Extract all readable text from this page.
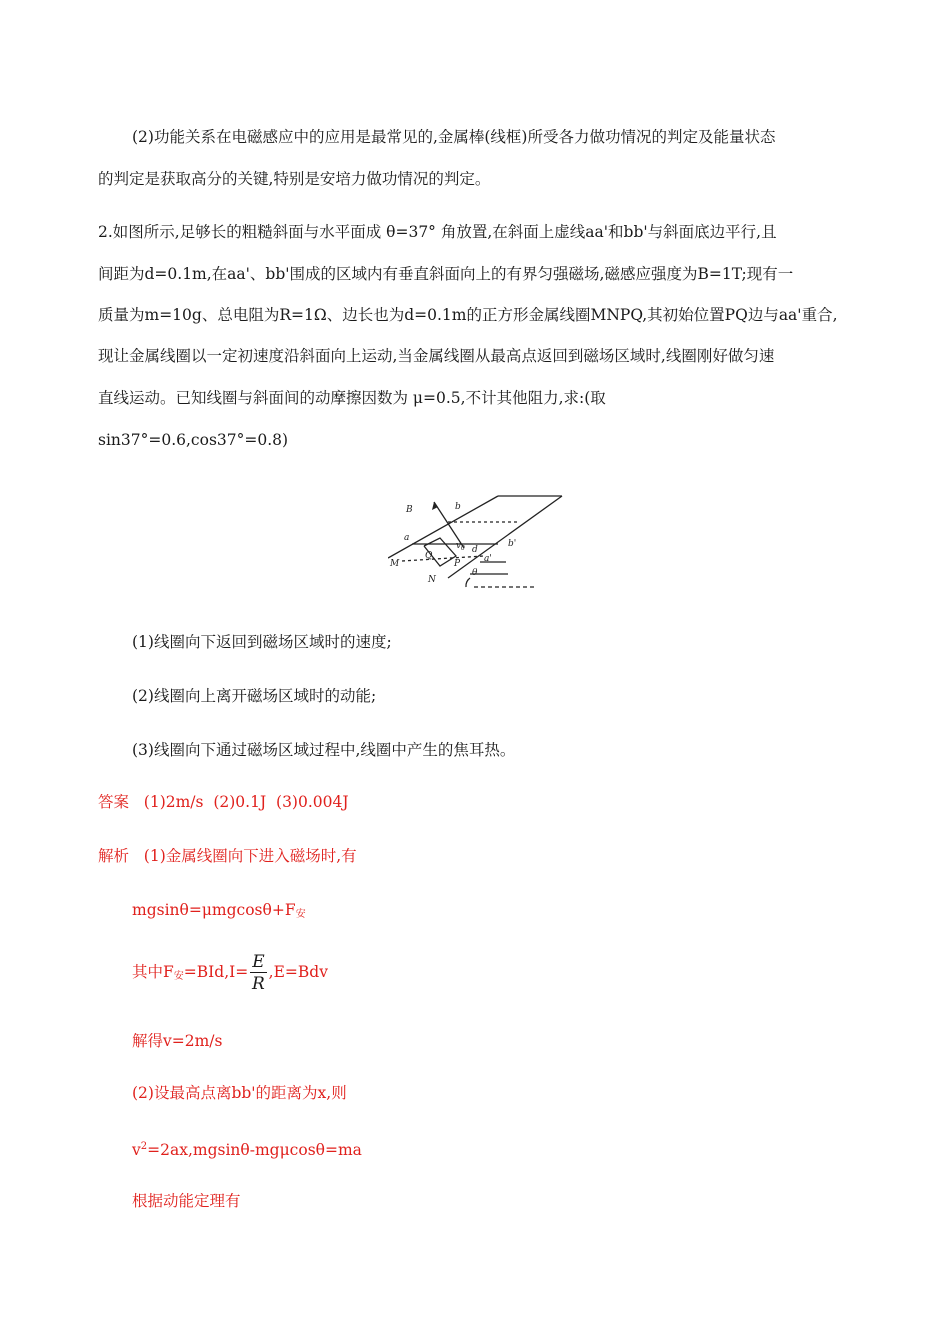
(2)功能关系在电磁感应中的应用是最常见的,金属棒(线框)所受各力做功情况的判定及能量状态
的判定是获取高分的关键,特别是安培力做功情况的判定。
2.如图所示,足够长的粗糙斜面与水平面成 θ=37° 角放置,在斜面上虚线aa'和bb'与斜面底边平行,且
间距为d=0.1m,在aa'、bb'围成的区域内有垂直斜面向上的有界匀强磁场,磁感应强度为B=1T;现有一
质量为m=10g、总电阻为R=1Ω、边长也为d=0.1m的正方形金属线圈MNPQ,其初始位置PQ边与aa'重合,
现让金属线圈以一定初速度沿斜面向上运动,当金属线圈从最高点返回到磁场区域时,线圈刚好做匀速
直线运动。已知线圈与斜面间的动摩擦因数为 μ=0.5,不计其他阻力,求:(取
sin37°=0.6,cos37°=0.8)
B	b
a
Q
M
N
P
d
v 0
a'
b'
θ
(1)线圈向下返回到磁场区域时的速度;
(2)线圈向上离开磁场区域时的动能;
(3)线圈向下通过磁场区域过程中,线圈中产生的焦耳热。
答案 (1)2m/s  (2)0.1J  (3)0.004J
解析 (1)金属线圈向下进入磁场时,有
$mgsin\theta=\mu mgcos\theta+F_安$
其中$F_安=BId,I= \frac{E}{R} ,E=Bdv$
解得v=2m/s
(2)设最高点离bb'的距离为x,则
$v^2=2ax,mgsin\theta-mg\mu\cos\theta=ma$
根据动能定理有
